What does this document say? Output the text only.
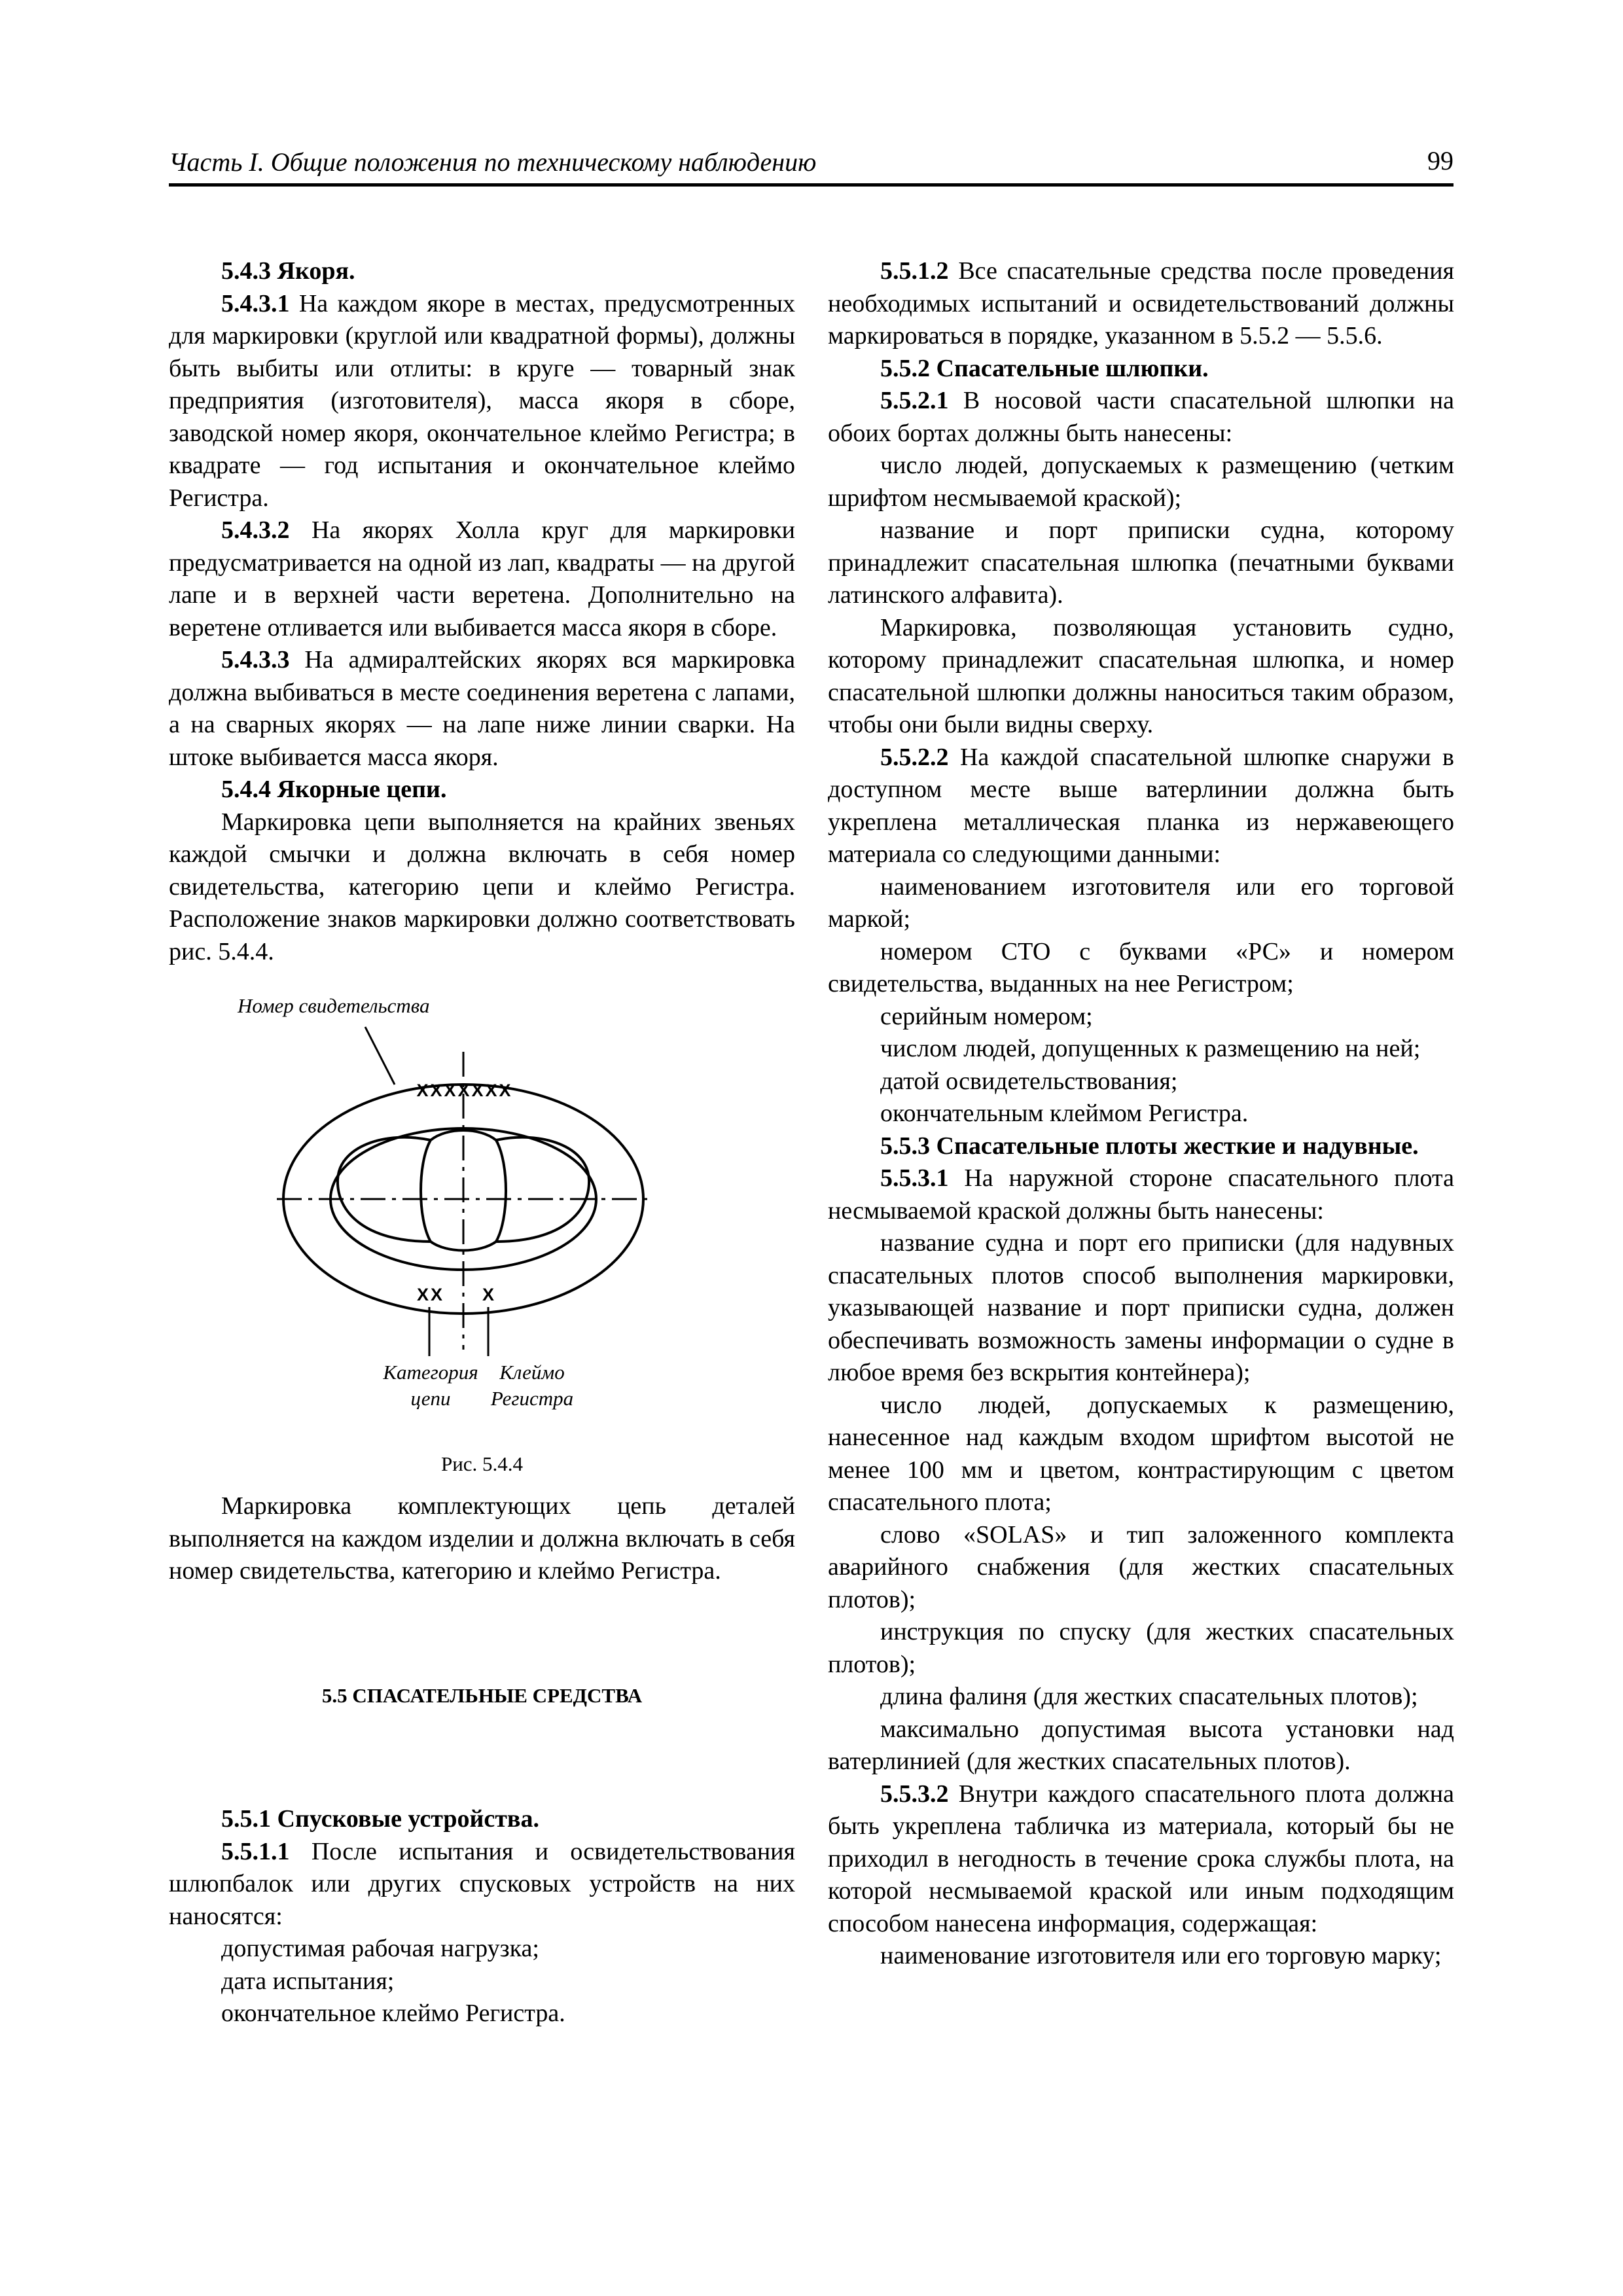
Часть I. Общие положения по техническому наблюдению	99

5.4.3 Якоря.

5.4.3.1 На каждом якоре в местах, предусмотренных для маркировки (круглой или квадратной формы), должны быть выбиты или отлиты: в круге — товарный знак предприятия (изготовителя), масса якоря в сборе, заводской номер якоря, окончательное клеймо Регистра; в квадрате — год испытания и окончательное клеймо Регистра.

5.4.3.2 На якорях Холла круг для маркировки предусматривается на одной из лап, квадраты — на другой лапе и в верхней части веретена. Дополнительно на веретене отливается или выбивается масса якоря в сборе.

5.4.3.3 На адмиралтейских якорях вся маркировка должна выбиваться в месте соединения веретена с лапами, а на сварных якорях — на лапе ниже линии сварки. На штоке выбивается масса якоря.

5.4.4 Якорные цепи.

Маркировка цепи выполняется на крайних звеньях каждой смычки и должна включать в себя номер свидетельства, категорию цепи и клеймо Регистра. Расположение знаков маркировки должно соответствовать рис. 5.4.4.

XXXXXXX
XX X
Номер свидетельства
Категория
цепи
Клеймо
Регистра
Рис. 5.4.4

Маркировка комплектующих цепь деталей выполняется на каждом изделии и должна включать в себя номер свидетельства, категорию и клеймо Регистра.

5.5 СПАСАТЕЛЬНЫЕ СРЕДСТВА

5.5.1 Спусковые устройства.

5.5.1.1 После испытания и освидетельствования шлюпбалок или других спусковых устройств на них наносятся:

допустимая рабочая нагрузка;

дата испытания;

окончательное клеймо Регистра.

5.5.1.2 Все спасательные средства после проведения необходимых испытаний и освидетельствований должны маркироваться в порядке, указанном в 5.5.2 — 5.5.6.

5.5.2 Спасательные шлюпки.

5.5.2.1 В носовой части спасательной шлюпки на обоих бортах должны быть нанесены:

число людей, допускаемых к размещению (четким шрифтом несмываемой краской);

название и порт приписки судна, которому принадлежит спасательная шлюпка (печатными буквами латинского алфавита).

Маркировка, позволяющая установить судно, которому принадлежит спасательная шлюпка, и номер спасательной шлюпки должны наноситься таким образом, чтобы они были видны сверху.

5.5.2.2 На каждой спасательной шлюпке снаружи в доступном месте выше ватерлинии должна быть укреплена металлическая планка из нержавеющего материала со следующими данными:

наименованием изготовителя или его торговой маркой;

номером СТО с буквами «РС» и номером свидетельства, выданных на нее Регистром;

серийным номером;

числом людей, допущенных к размещению на ней;

датой освидетельствования;

окончательным клеймом Регистра.

5.5.3 Спасательные плоты жесткие и надувные.

5.5.3.1 На наружной стороне спасательного плота несмываемой краской должны быть нанесены:

название судна и порт его приписки (для надувных спасательных плотов способ выполнения маркировки, указывающей название и порт приписки судна, должен обеспечивать возможность замены информации о судне в любое время без вскрытия контейнера);

число людей, допускаемых к размещению, нанесенное над каждым входом шрифтом высотой не менее 100 мм и цветом, контрастирующим с цветом спасательного плота;

слово «SOLAS» и тип заложенного комплекта аварийного снабжения (для жестких спасательных плотов);

инструкция по спуску (для жестких спасательных плотов);

длина фалиня (для жестких спасательных плотов);

максимально допустимая высота установки над ватерлинией (для жестких спасательных плотов).

5.5.3.2 Внутри каждого спасательного плота должна быть укреплена табличка из материала, который бы не приходил в негодность в течение срока службы плота, на которой несмываемой краской или иным подходящим способом нанесена информация, содержащая:

наименование изготовителя или его торговую марку;
